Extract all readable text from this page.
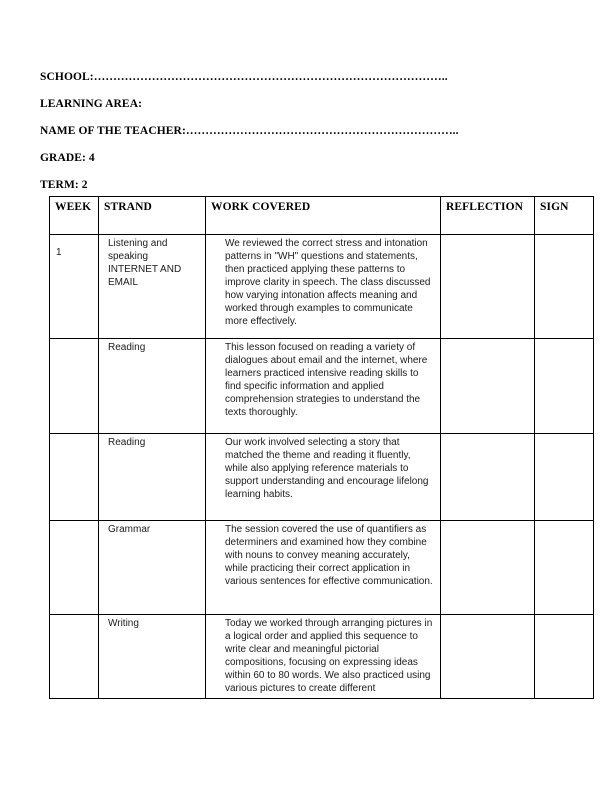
SCHOOL:………………………………………………………………………………..

LEARNING AREA:

NAME OF THE TEACHER:……………………………………………………………..

GRADE: 4

TERM: 2

WEEK	STRAND	WORK COVERED	REFLECTION	SIGN
1	Listening and speaking INTERNET AND EMAIL	We reviewed the correct stress and intonation patterns in "WH" questions and statements, then practiced applying these patterns to improve clarity in speech. The class discussed how varying intonation affects meaning and worked through examples to communicate more effectively.		
	Reading	This lesson focused on reading a variety of dialogues about email and the internet, where learners practiced intensive reading skills to find specific information and applied comprehension strategies to understand the texts thoroughly.		
	Reading	Our work involved selecting a story that matched the theme and reading it fluently, while also applying reference materials to support understanding and encourage lifelong learning habits.		
	Grammar	The session covered the use of quantifiers as determiners and examined how they combine with nouns to convey meaning accurately, while practicing their correct application in various sentences for effective communication.		
	Writing	Today we worked through arranging pictures in a logical order and applied this sequence to write clear and meaningful pictorial compositions, focusing on expressing ideas within 60 to 80 words. We also practiced using various pictures to create different		
